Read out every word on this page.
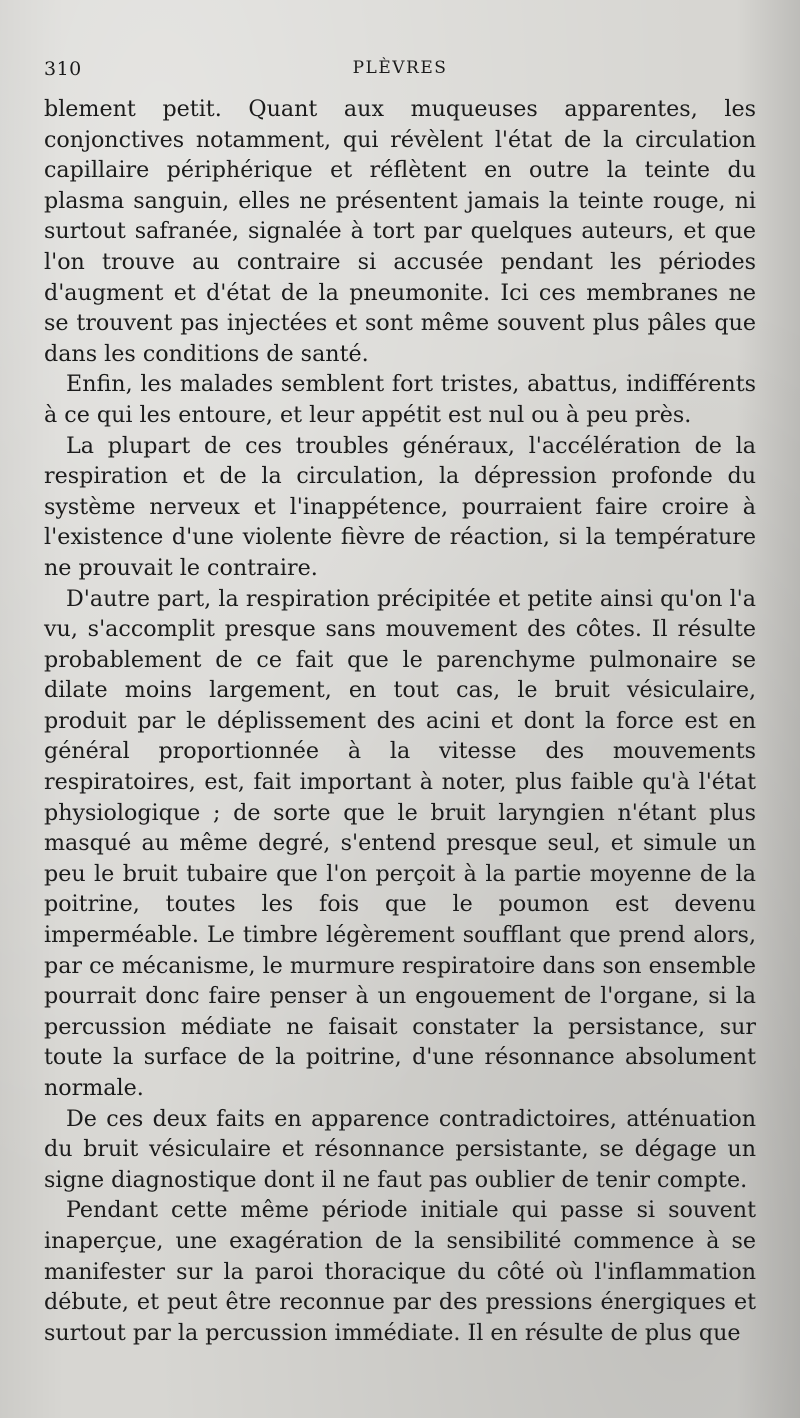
310	PLÈVRES

blement petit. Quant aux muqueuses apparentes, les conjonctives notamment, qui révèlent l'état de la circulation capillaire périphérique et réflètent en outre la teinte du plasma sanguin, elles ne présentent jamais la teinte rouge, ni surtout safranée, signalée à tort par quelques auteurs, et que l'on trouve au contraire si accusée pendant les périodes d'augment et d'état de la pneumonite. Ici ces membranes ne se trouvent pas injectées et sont même souvent plus pâles que dans les conditions de santé.

Enfin, les malades semblent fort tristes, abattus, indifférents à ce qui les entoure, et leur appétit est nul ou à peu près.

La plupart de ces troubles généraux, l'accélération de la respiration et de la circulation, la dépression profonde du système nerveux et l'inappétence, pourraient faire croire à l'existence d'une violente fièvre de réaction, si la température ne prouvait le contraire.

D'autre part, la respiration précipitée et petite ainsi qu'on l'a vu, s'accomplit presque sans mouvement des côtes. Il résulte probablement de ce fait que le parenchyme pulmonaire se dilate moins largement, en tout cas, le bruit vésiculaire, produit par le déplissement des acini et dont la force est en général proportionnée à la vitesse des mouvements respiratoires, est, fait important à noter, plus faible qu'à l'état physiologique ; de sorte que le bruit laryngien n'étant plus masqué au même degré, s'entend presque seul, et simule un peu le bruit tubaire que l'on perçoit à la partie moyenne de la poitrine, toutes les fois que le poumon est devenu imperméable. Le timbre légèrement soufflant que prend alors, par ce mécanisme, le murmure respiratoire dans son ensemble pourrait donc faire penser à un engouement de l'organe, si la percussion médiate ne faisait constater la persistance, sur toute la surface de la poitrine, d'une résonnance absolument normale.

De ces deux faits en apparence contradictoires, atténuation du bruit vésiculaire et résonnance persistante, se dégage un signe diagnostique dont il ne faut pas oublier de tenir compte.

Pendant cette même période initiale qui passe si souvent inaperçue, une exagération de la sensibilité commence à se manifester sur la paroi thoracique du côté où l'inflammation débute, et peut être reconnue par des pressions énergiques et surtout par la percussion immédiate. Il en résulte de plus que
